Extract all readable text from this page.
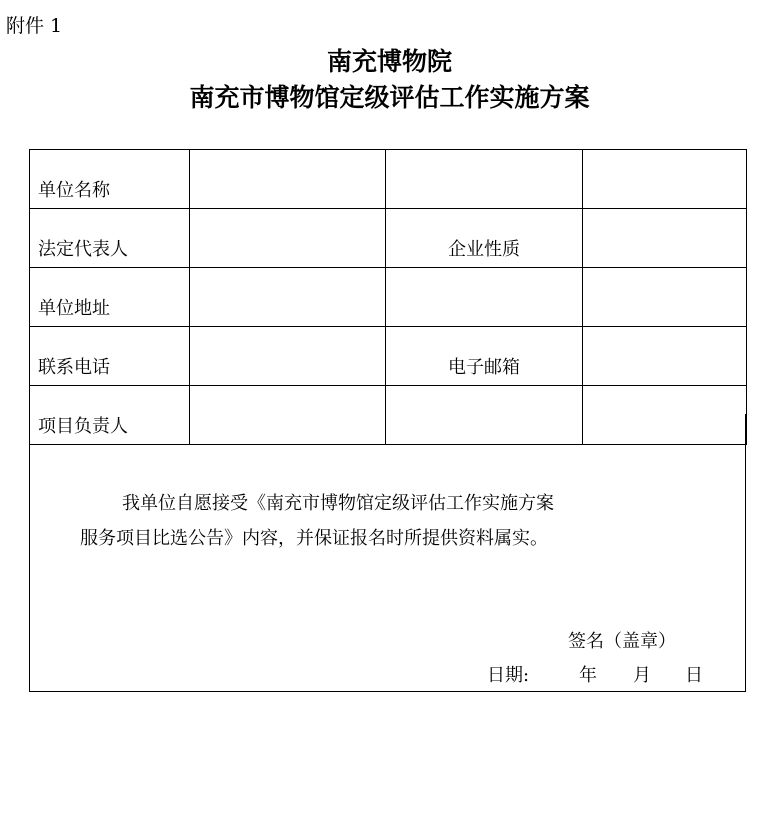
附件 1
南充博物院
南充市博物馆定级评估工作实施方案
单位名称			
法定代表人		企业性质	
单位地址			
联系电话		电子邮箱	
项目负责人			
我单位自愿接受《南充市博物馆定级评估工作实施方案
服务项目比选公告》内容，并保证报名时所提供资料属实。
签名（盖章）
日期:	年 月 日
